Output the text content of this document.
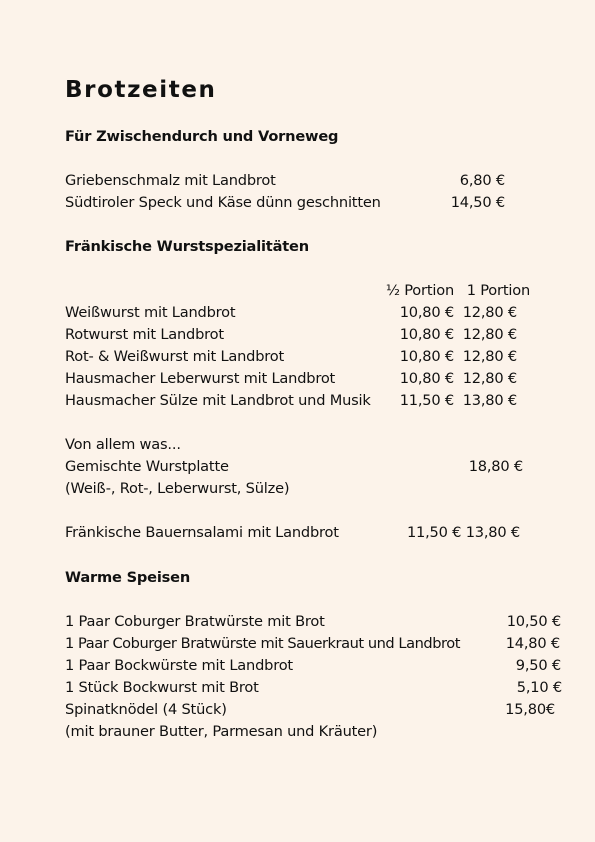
Brotzeiten
Für Zwischendurch und Vorneweg
Griebenschmalz mit Landbrot	6,80 €
Südtiroler Speck und Käse dünn geschnitten	14,50 €
Fränkische Wurstspezialitäten
½ Portion 1 Portion
Weißwurst mit Landbrot	10,80 € 12,80 €
Rotwurst mit Landbrot	10,80 € 12,80 €
Rot- & Weißwurst mit Landbrot	10,80 € 12,80 €
Hausmacher Leberwurst mit Landbrot	10,80 € 12,80 €
Hausmacher Sülze mit Landbrot und Musik 11,50 € 13,80 €
Von allem was...
Gemischte Wurstplatte	18,80 €
(Weiß-, Rot-, Leberwurst, Sülze)
Fränkische Bauernsalami mit Landbrot	11,50 € 13,80 €
Warme Speisen
1 Paar Coburger Bratwürste mit Brot	10,50 €
1 Paar Coburger Bratwürste mit Sauerkraut und Landbrot	14,80 €
1 Paar Bockwürste mit Landbrot	9,50 €
1 Stück Bockwurst mit Brot	5,10 €
Spinatknödel (4 Stück)	15,80€
(mit brauner Butter, Parmesan und Kräuter)
